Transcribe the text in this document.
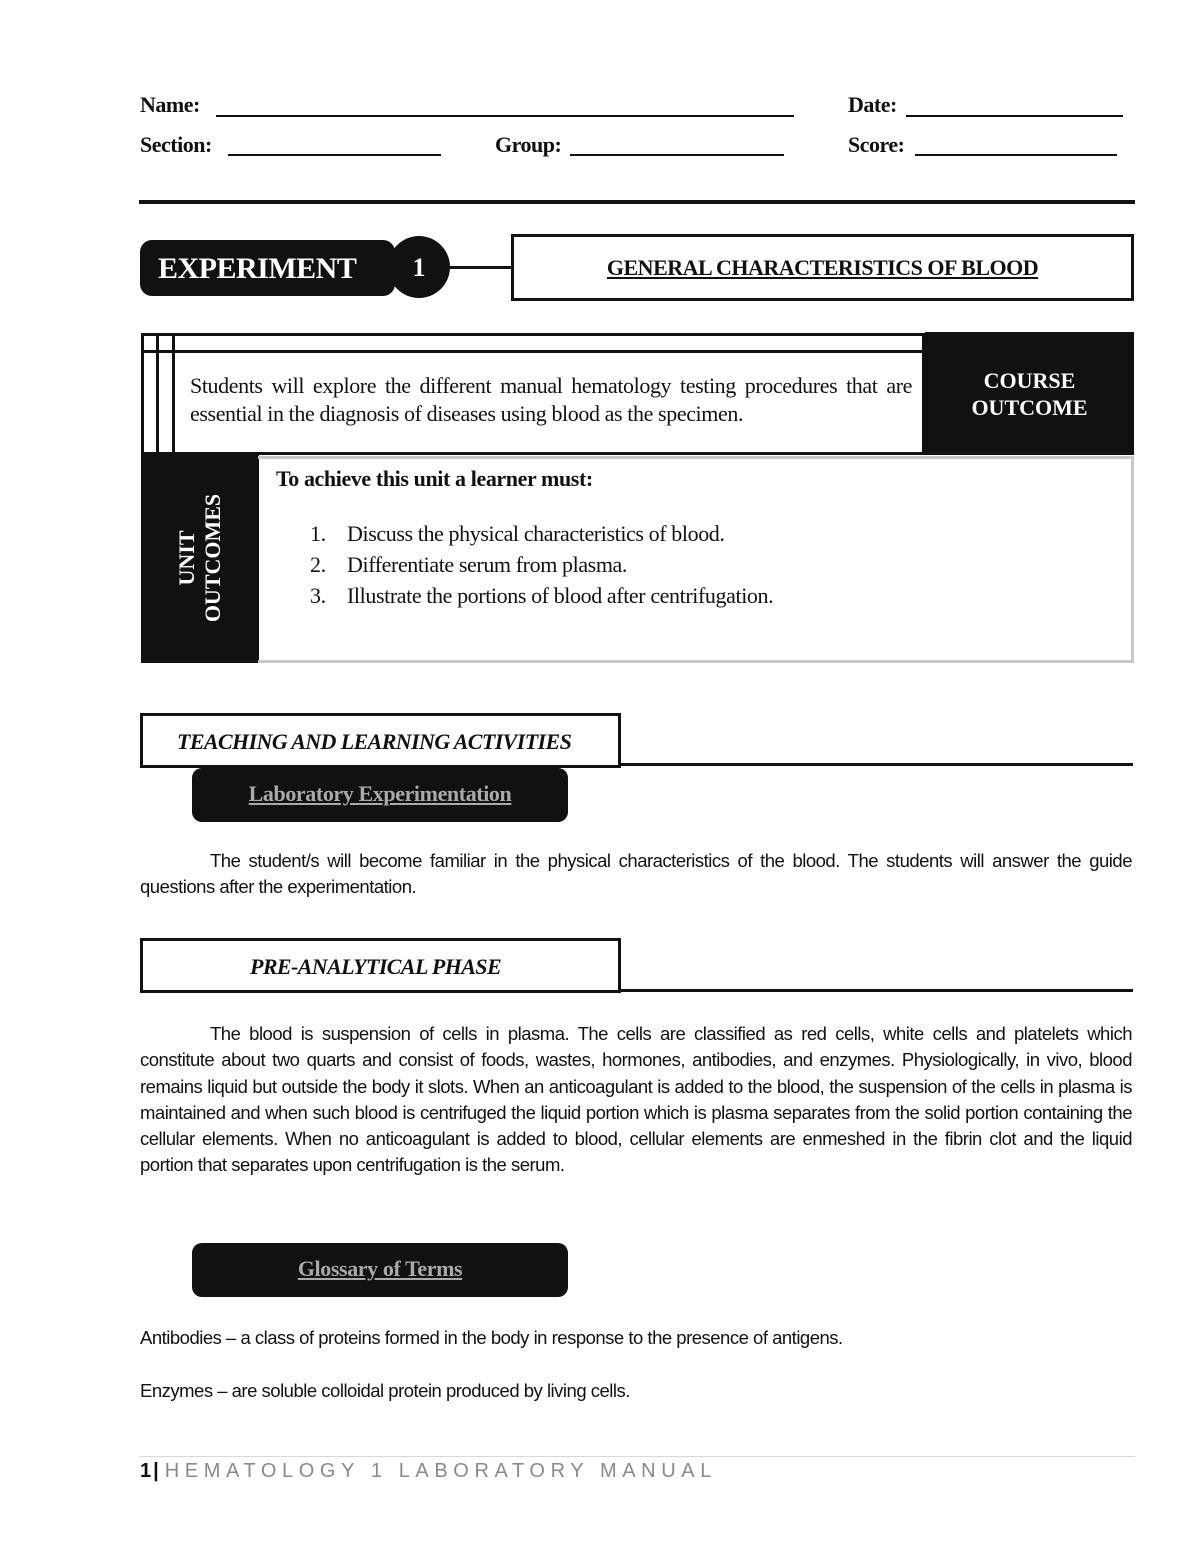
Name:	Date:
Section:	Group:	Score:
EXPERIMENT	1	GENERAL CHARACTERISTICS OF BLOOD
Students will explore the different manual hematology testing procedures that are essential in the diagnosis of diseases using blood as the specimen.
COURSE
OUTCOME
UNIT OUTCOMES
To achieve this unit a learner must:
1. Discuss the physical characteristics of blood.
2. Differentiate serum from plasma.
3. Illustrate the portions of blood after centrifugation.
TEACHING AND LEARNING ACTIVITIES
Laboratory Experimentation
The student/s will become familiar in the physical characteristics of the blood. The students will answer the guide questions after the experimentation.
PRE-ANALYTICAL PHASE
The blood is suspension of cells in plasma. The cells are classified as red cells, white cells and platelets which constitute about two quarts and consist of foods, wastes, hormones, antibodies, and enzymes. Physiologically, in vivo, blood remains liquid but outside the body it slots. When an anticoagulant is added to the blood, the suspension of the cells in plasma is maintained and when such blood is centrifuged the liquid portion which is plasma separates from the solid portion containing the cellular elements. When no anticoagulant is added to blood, cellular elements are enmeshed in the fibrin clot and the liquid portion that separates upon centrifugation is the serum.
Glossary of Terms
Antibodies – a class of proteins formed in the body in response to the presence of antigens.
Enzymes – are soluble colloidal protein produced by living cells.
1 | HEMATOLOGY 1 LABORATORY MANUAL
